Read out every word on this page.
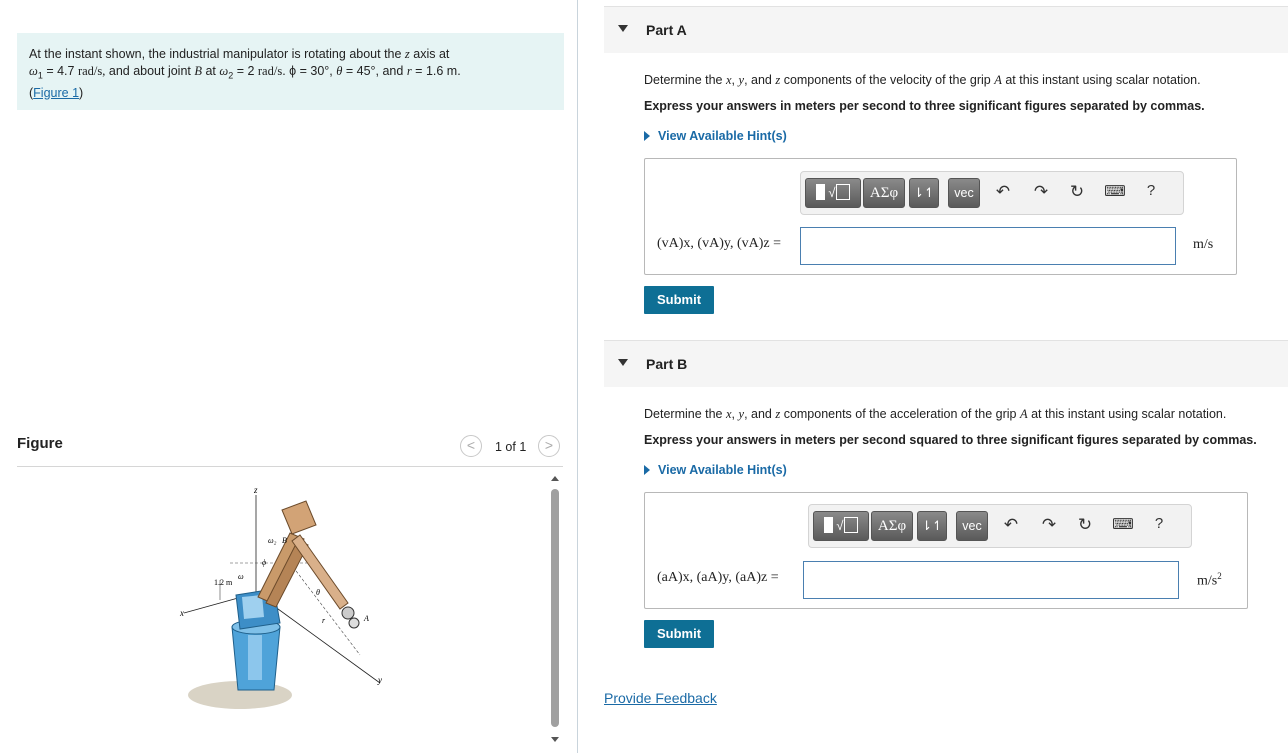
At the instant shown, the industrial manipulator is rotating about the z axis at
$\omega_1 = 4.7$ rad/s, and about joint B at $\omega_2 = 2$ rad/s. ϕ = 30°, θ = 45°, and r = 1.6 m.
(Figure 1)
Figure	<	1 of 1	>
z
x
y
ω₂ B
ω
ϕ
θ
r	A
1.2 m
Part A
Determine the x, y, and z components of the velocity of the grip A at this instant using scalar notation.
Express your answers in meters per second to three significant figures separated by commas.
View Available Hint(s)
√	ΑΣφ	⇂↿	vec	↶ ↷ ↻	⌨	?
(vA)x, (vA)y, (vA)z =	m/s
Submit
Part B
Determine the x, y, and z components of the acceleration of the grip A at this instant using scalar notation.
Express your answers in meters per second squared to three significant figures separated by commas.
View Available Hint(s)
√	ΑΣφ	⇂↿	vec	↶ ↷ ↻	⌨	?
(aA)x, (aA)y, (aA)z =	$m/s^2$
Submit
Provide Feedback
